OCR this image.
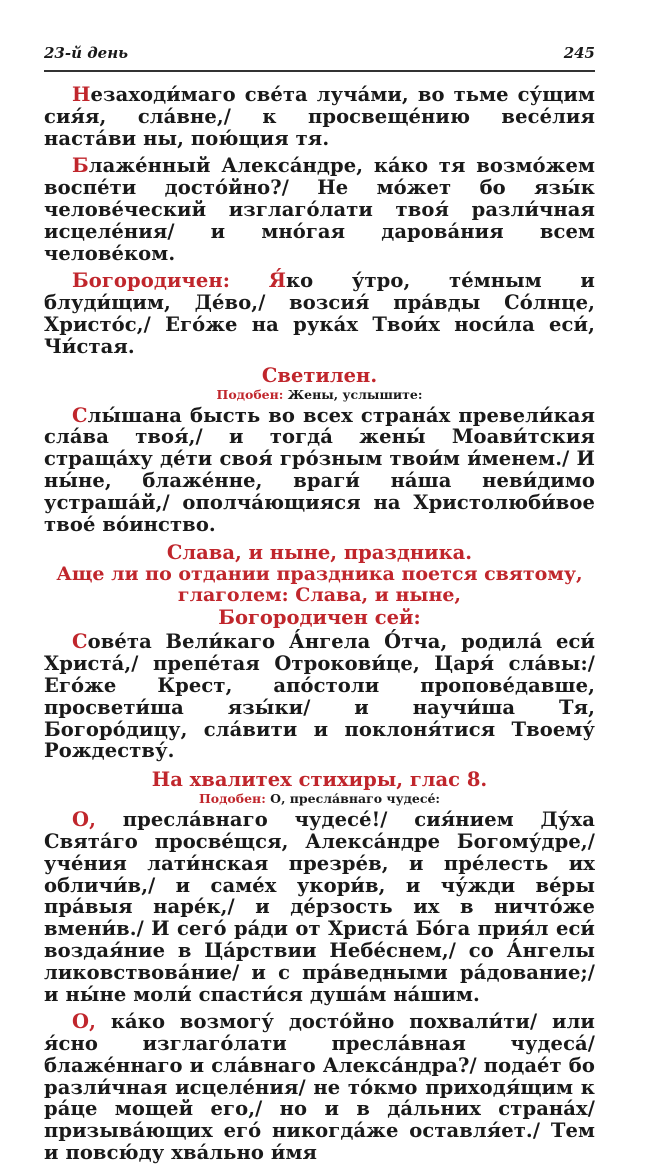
23-й день	245

Незаходи́маго све́та луча́ми, во тьме су́щим сия́я, сла́вне,/ к просвеще́нию весе́лия наста́ви ны, пою́щия тя.

Блаже́нный Алекса́ндре, ка́ко тя возмо́жем воспе́ти досто́йно?/ Не мо́жет бо язы́к челове́ческий изглаго́лати твоя́ разли́чная исцеле́ния/ и мно́гая дарова́ния всем челове́ком.

Богородичен: Я́ко у́тро, те́мным и блуди́щим, Де́во,/ возсия́ пра́вды Со́лнце, Христо́с,/ Его́же на рука́х Твои́х носи́ла еси́, Чи́стая.

Светилен.
Подобен: Жены, услышите:

Слы́шана бысть во всех страна́х превели́кая сла́ва твоя́,/ и тогда́ жены́ Моави́тския страща́ху де́ти своя́ гро́зным твои́м и́менем./ И ны́не, блаже́нне, враги́ на́ша неви́димо устраша́й,/ ополча́ющияся на Христолюби́вое твое́ во́инство.

Слава, и ныне, праздника.
Аще ли по отдании праздника поется святому, глаголем: Слава, и ныне,
Богородичен сей:

Сове́та Вели́каго А́нгела О́тча, родила́ еси́ Христа́,/ препе́тая Отрокови́це, Царя́ сла́вы:/ Его́же Крест, апо́столи пропове́давше, просвети́ша язы́ки/ и научи́ша Тя, Богоро́дицу, сла́вити и поклоня́тися Твоему́ Рождеству́.

На хвалитех стихиры, глас 8.
Подобен: О, пресла́внаго чудесе́:

О, пресла́внаго чудесе́!/ сия́нием Ду́ха Свята́го просве́щся, Алекса́ндре Богому́дре,/ уче́ния лати́нская презре́в, и пре́лесть их обличи́в,/ и саме́х укори́в, и чу́жди ве́ры пра́выя наре́к,/ и де́рзость их в ничто́же вмени́в./ И сего́ ра́ди от Христа́ Бо́га прия́л еси́ воздая́ние в Ца́рствии Небе́снем,/ со А́нгелы ликовствова́ние/ и с пра́ведными ра́дование;/ и ны́не моли́ спасти́ся душа́м на́шим.

О, ка́ко возмогу́ досто́йно похвали́ти/ или я́сно изглаго́лати пресла́вная чудеса́/ блаже́ннаго и сла́внаго Алекса́ндра?/ подае́т бо разли́чная исцеле́ния/ не то́кмо приходя́щим к ра́це мощей его,/ но и в да́льних страна́х/ призыва́ющих его́ никогда́же оставля́ет./ Тем и повсю́ду хва́льно и́мя
